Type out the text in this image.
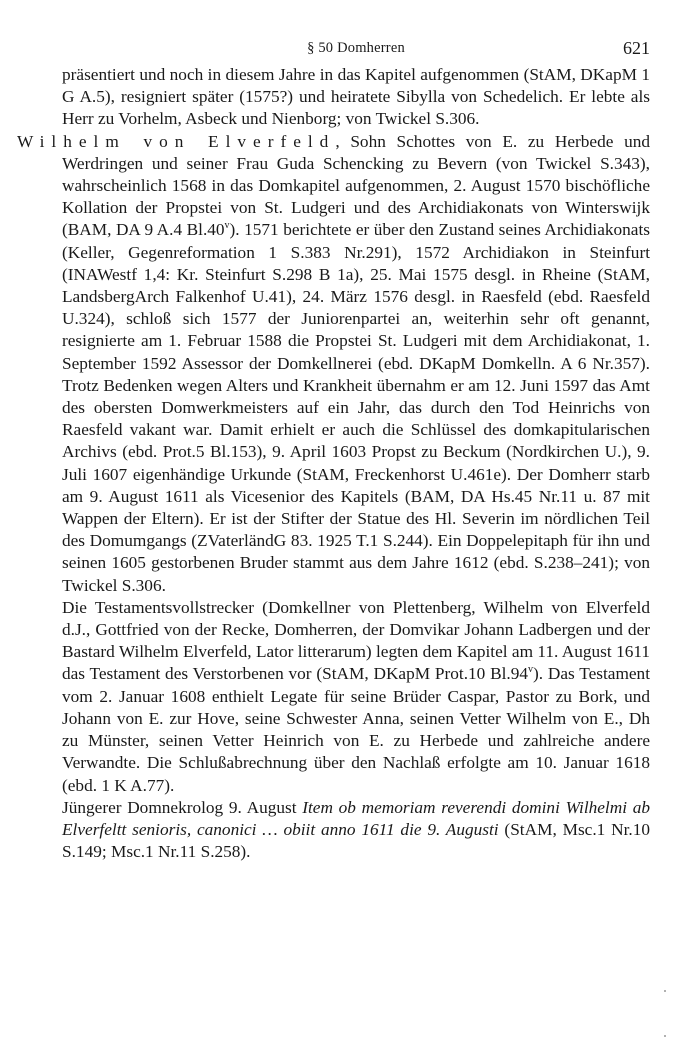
§ 50 Domherren	621

präsentiert und noch in diesem Jahre in das Kapitel aufgenommen (StAM, DKapM 1 G A.5), resigniert später (1575?) und heiratete Sibylla von Schedelich. Er lebte als Herr zu Vorhelm, Asbeck und Nienborg; von Twickel S.306.

Wilhelm von Elverfeld, Sohn Schottes von E. zu Herbede und Werdringen und seiner Frau Guda Schencking zu Bevern (von Twickel S.343), wahrscheinlich 1568 in das Domkapitel aufgenommen, 2. August 1570 bischöfliche Kollation der Propstei von St. Ludgeri und des Archidiakonats von Winterswijk (BAM, DA 9 A.4 Bl.40$^v$). 1571 berichtete er über den Zustand seines Archidiakonats (Keller, Gegenreformation 1 S.383 Nr.291), 1572 Archidiakon in Steinfurt (INAWestf 1,4: Kr. Steinfurt S.298 B 1a), 25. Mai 1575 desgl. in Rheine (StAM, LandsbergArch Falkenhof U.41), 24. März 1576 desgl. in Raesfeld (ebd. Raesfeld U.324), schloß sich 1577 der Juniorenpartei an, weiterhin sehr oft genannt, resignierte am 1. Februar 1588 die Propstei St. Ludgeri mit dem Archidiakonat, 1. September 1592 Assessor der Domkellnerei (ebd. DKapM Domkelln. A 6 Nr.357). Trotz Bedenken wegen Alters und Krankheit übernahm er am 12. Juni 1597 das Amt des obersten Domwerkmeisters auf ein Jahr, das durch den Tod Heinrichs von Raesfeld vakant war. Damit erhielt er auch die Schlüssel des domkapitularischen Archivs (ebd. Prot.5 Bl.153), 9. April 1603 Propst zu Beckum (Nordkirchen U.), 9. Juli 1607 eigenhändige Urkunde (StAM, Freckenhorst U.461e). Der Domherr starb am 9. August 1611 als Vicesenior des Kapitels (BAM, DA Hs.45 Nr.11 u. 87 mit Wappen der Eltern). Er ist der Stifter der Statue des Hl. Severin im nördlichen Teil des Domumgangs (ZVaterländG 83. 1925 T.1 S.244). Ein Doppelepitaph für ihn und seinen 1605 gestorbenen Bruder stammt aus dem Jahre 1612 (ebd. S.238–241); von Twickel S.306.

Die Testamentsvollstrecker (Domkellner von Plettenberg, Wilhelm von Elverfeld d.J., Gottfried von der Recke, Domherren, der Domvikar Johann Ladbergen und der Bastard Wilhelm Elverfeld, Lator litterarum) legten dem Kapitel am 11. August 1611 das Testament des Verstorbenen vor (StAM, DKapM Prot.10 Bl.94$^v$). Das Testament vom 2. Januar 1608 enthielt Legate für seine Brüder Caspar, Pastor zu Bork, und Johann von E. zur Hove, seine Schwester Anna, seinen Vetter Wilhelm von E., Dh zu Münster, seinen Vetter Heinrich von E. zu Herbede und zahlreiche andere Verwandte. Die Schlußabrechnung über den Nachlaß erfolgte am 10. Januar 1618 (ebd. 1 K A.77).

Jüngerer Domnekrolog 9. August Item ob memoriam reverendi domini Wilhelmi ab Elverfeltt senioris, canonici … obiit anno 1611 die 9. Augusti (StAM, Msc.1 Nr.10 S.149; Msc.1 Nr.11 S.258).
